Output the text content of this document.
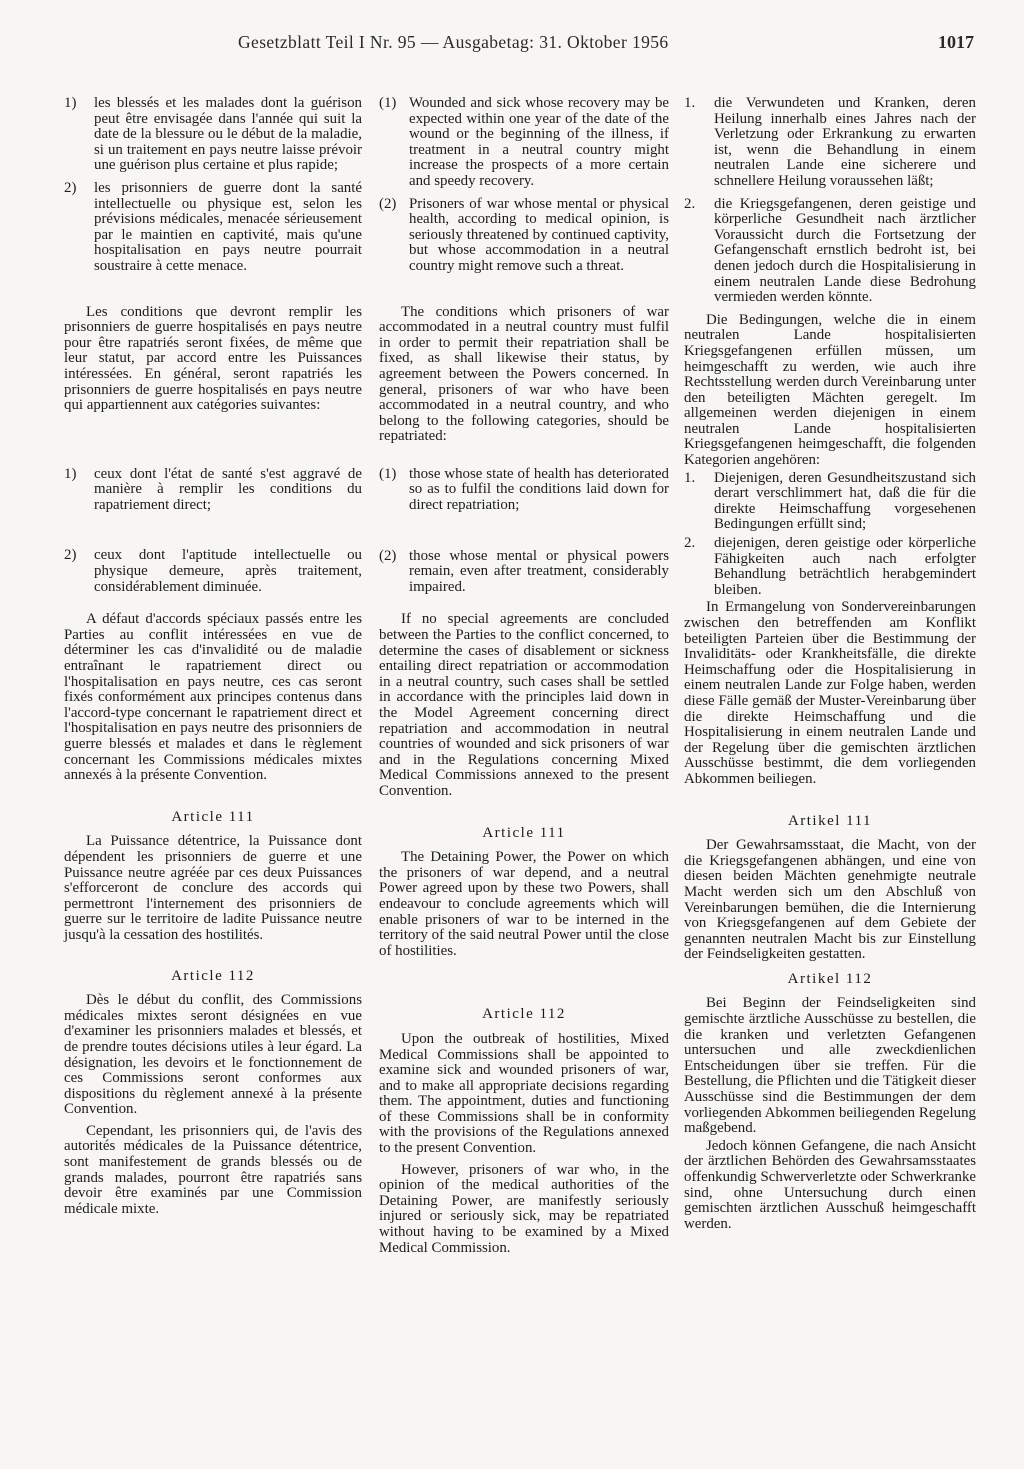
Gesetzblatt Teil I Nr. 95 — Ausgabetag: 31. Oktober 1956	1017
1)	les blessés et les malades dont la guérison peut être envisagée dans l'année qui suit la date de la blessure ou le début de la maladie, si un traitement en pays neutre laisse prévoir une guérison plus certaine et plus rapide;
2)	les prisonniers de guerre dont la santé intellectuelle ou physique est, selon les prévisions médicales, menacée sérieusement par le maintien en captivité, mais qu'une hospitalisation en pays neutre pourrait soustraire à cette menace.

Les conditions que devront remplir les prisonniers de guerre hospitalisés en pays neutre pour être rapatriés seront fixées, de même que leur statut, par accord entre les Puissances intéressées. En général, seront rapatriés les prisonniers de guerre hospitalisés en pays neutre qui appartiennent aux catégories suivantes:

1)	ceux dont l'état de santé s'est aggravé de manière à remplir les conditions du rapatriement direct;
2)	ceux dont l'aptitude intellectuelle ou physique demeure, après traitement, considérablement diminuée.

A défaut d'accords spéciaux passés entre les Parties au conflit intéressées en vue de déterminer les cas d'invalidité ou de maladie entraînant le rapatriement direct ou l'hospitalisation en pays neutre, ces cas seront fixés conformément aux principes contenus dans l'accord-type concernant le rapatriement direct et l'hospitalisation en pays neutre des prisonniers de guerre blessés et malades et dans le règlement concernant les Commissions médicales mixtes annexés à la présente Convention.

Article 111

La Puissance détentrice, la Puissance dont dépendent les prisonniers de guerre et une Puissance neutre agréée par ces deux Puissances s'efforceront de conclure des accords qui permettront l'internement des prisonniers de guerre sur le territoire de ladite Puissance neutre jusqu'à la cessation des hostilités.

Article 112

Dès le début du conflit, des Commissions médicales mixtes seront désignées en vue d'examiner les prisonniers malades et blessés, et de prendre toutes décisions utiles à leur égard. La désignation, les devoirs et le fonctionnement de ces Commissions seront conformes aux dispositions du règlement annexé à la présente Convention.

Cependant, les prisonniers qui, de l'avis des autorités médicales de la Puissance détentrice, sont manifestement de grands blessés ou de grands malades, pourront être rapatriés sans devoir être examinés par une Commission médicale mixte.

(1) Wounded and sick whose recovery may be expected within one year of the date of the wound or the beginning of the illness, if treatment in a neutral country might increase the prospects of a more certain and speedy recovery.
(2) Prisoners of war whose mental or physical health, according to medical opinion, is seriously threatened by continued captivity, but whose accommodation in a neutral country might remove such a threat.

The conditions which prisoners of war accommodated in a neutral country must fulfil in order to permit their repatriation shall be fixed, as shall likewise their status, by agreement between the Powers concerned. In general, prisoners of war who have been accommodated in a neutral country, and who belong to the following categories, should be repatriated:

(1) those whose state of health has deteriorated so as to fulfil the conditions laid down for direct repatriation;
(2) those whose mental or physical powers remain, even after treatment, considerably impaired.

If no special agreements are concluded between the Parties to the conflict concerned, to determine the cases of disablement or sickness entailing direct repatriation or accommodation in a neutral country, such cases shall be settled in accordance with the principles laid down in the Model Agreement concerning direct repatriation and accommodation in neutral countries of wounded and sick prisoners of war and in the Regulations concerning Mixed Medical Commissions annexed to the present Convention.

Article 111

The Detaining Power, the Power on which the prisoners of war depend, and a neutral Power agreed upon by these two Powers, shall endeavour to conclude agreements which will enable prisoners of war to be interned in the territory of the said neutral Power until the close of hostilities.

Article 112

Upon the outbreak of hostilities, Mixed Medical Commissions shall be appointed to examine sick and wounded prisoners of war, and to make all appropriate decisions regarding them. The appointment, duties and functioning of these Commissions shall be in conformity with the provisions of the Regulations annexed to the present Convention.

However, prisoners of war who, in the opinion of the medical authorities of the Detaining Power, are manifestly seriously injured or seriously sick, may be repatriated without having to be examined by a Mixed Medical Commission.

1.	die Verwundeten und Kranken, deren Heilung innerhalb eines Jahres nach der Verletzung oder Erkrankung zu erwarten ist, wenn die Behandlung in einem neutralen Lande eine sicherere und schnellere Heilung voraussehen läßt;
2.	die Kriegsgefangenen, deren geistige und körperliche Gesundheit nach ärztlicher Voraussicht durch die Fortsetzung der Gefangenschaft ernstlich bedroht ist, bei denen jedoch durch die Hospitalisierung in einem neutralen Lande diese Bedrohung vermieden werden könnte.

Die Bedingungen, welche die in einem neutralen Lande hospitalisierten Kriegsgefangenen erfüllen müssen, um heimgeschafft zu werden, wie auch ihre Rechtsstellung werden durch Vereinbarung unter den beteiligten Mächten geregelt. Im allgemeinen werden diejenigen in einem neutralen Lande hospitalisierten Kriegsgefangenen heimgeschafft, die folgenden Kategorien angehören:

1.	Diejenigen, deren Gesundheitszustand sich derart verschlimmert hat, daß die für die direkte Heimschaffung vorgesehenen Bedingungen erfüllt sind;
2.	diejenigen, deren geistige oder körperliche Fähigkeiten auch nach erfolgter Behandlung beträchtlich herabgemindert bleiben.

In Ermangelung von Sondervereinbarungen zwischen den betreffenden am Konflikt beteiligten Parteien über die Bestimmung der Invaliditäts- oder Krankheitsfälle, die direkte Heimschaffung oder die Hospitalisierung in einem neutralen Lande zur Folge haben, werden diese Fälle gemäß der Muster-Vereinbarung über die direkte Heimschaffung und die Hospitalisierung in einem neutralen Lande und der Regelung über die gemischten ärztlichen Ausschüsse bestimmt, die dem vorliegenden Abkommen beiliegen.

Artikel 111

Der Gewahrsamsstaat, die Macht, von der die Kriegsgefangenen abhängen, und eine von diesen beiden Mächten genehmigte neutrale Macht werden sich um den Abschluß von Vereinbarungen bemühen, die die Internierung von Kriegsgefangenen auf dem Gebiete der genannten neutralen Macht bis zur Einstellung der Feindseligkeiten gestatten.

Artikel 112

Bei Beginn der Feindseligkeiten sind gemischte ärztliche Ausschüsse zu bestellen, die die kranken und verletzten Gefangenen untersuchen und alle zweckdienlichen Entscheidungen über sie treffen. Für die Bestellung, die Pflichten und die Tätigkeit dieser Ausschüsse sind die Bestimmungen der dem vorliegenden Abkommen beiliegenden Regelung maßgebend.

Jedoch können Gefangene, die nach Ansicht der ärztlichen Behörden des Gewahrsamsstaates offenkundig Schwerverletzte oder Schwerkranke sind, ohne Untersuchung durch einen gemischten ärztlichen Ausschuß heimgeschafft werden.
